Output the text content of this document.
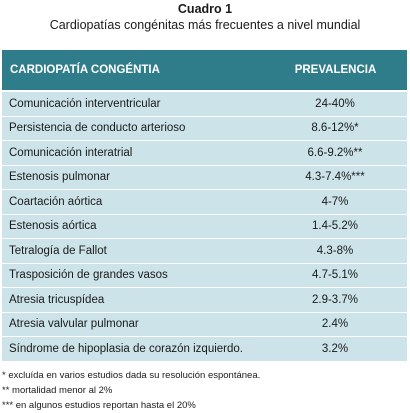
Cuadro 1
Cardiopatías congénitas más frecuentes a nivel mundial
CARDIOPATÍA CONGÉNTIA	PREVALENCIA
Comunicación interventricular	24-40%
Persistencia de conducto arterioso	8.6-12%*
Comunicación interatrial	6.6-9.2%**
Estenosis pulmonar	4.3-7.4%***
Coartación aórtica	4-7%
Estenosis aórtica	1.4-5.2%
Tetralogía de Fallot	4.3-8%
Trasposición de grandes vasos	4.7-5.1%
Atresia tricuspídea	2.9-3.7%
Atresia valvular pulmonar	2.4%
Síndrome de hipoplasia de corazón izquierdo.	3.2%
* excluída en varios estudios dada su resolución espontánea.
** mortalidad menor al 2%
*** en algunos estudios reportan hasta el 20%
